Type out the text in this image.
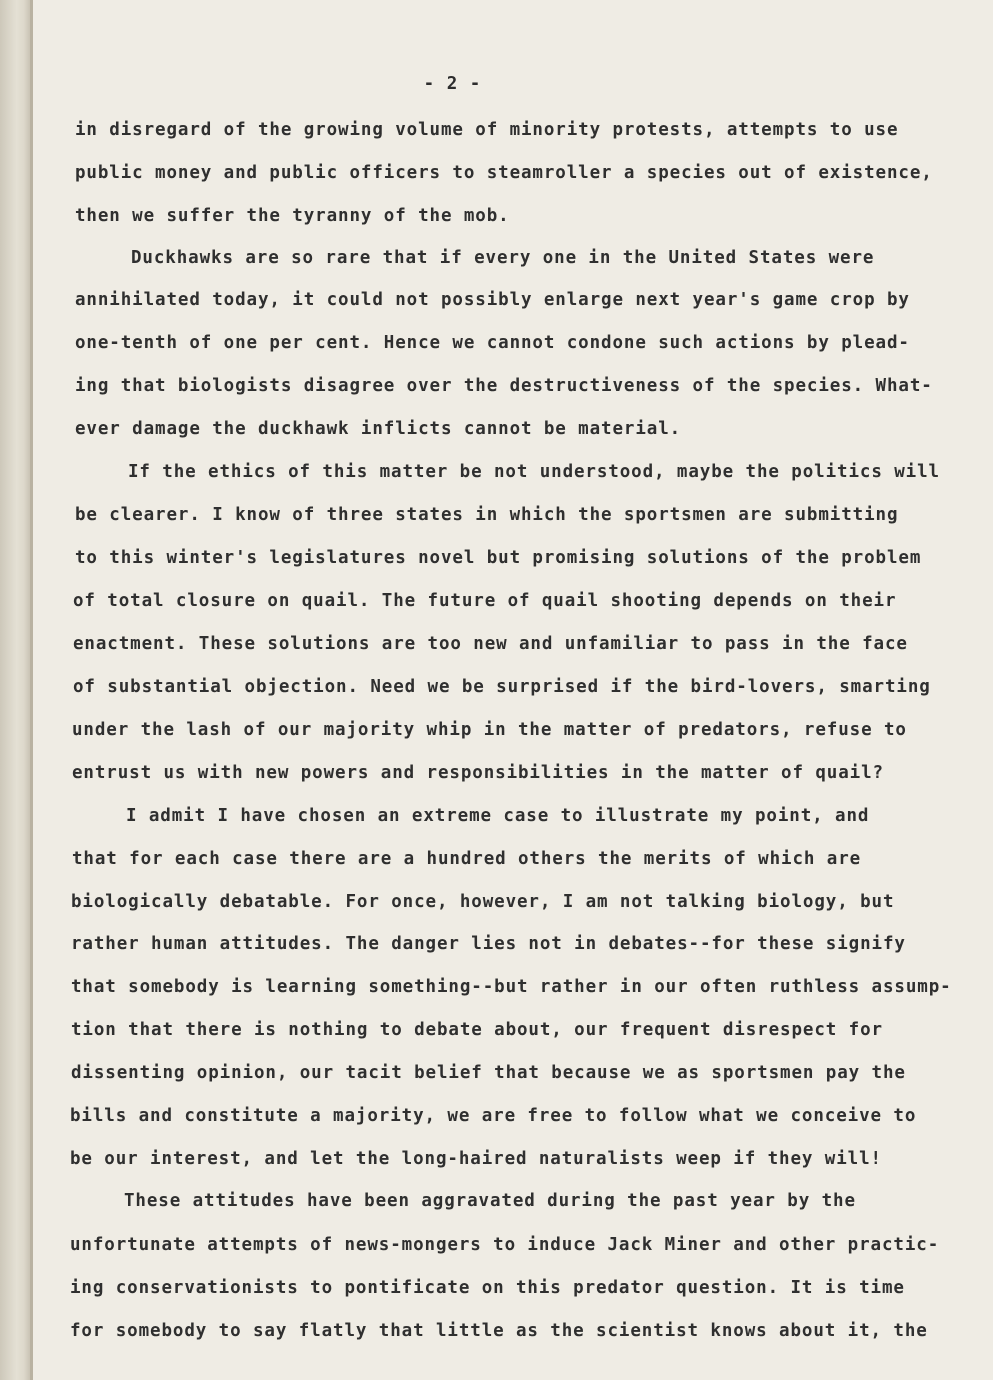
- 2 -

in disregard of the growing volume of minority protests, attempts to use

public money and public officers to steamroller a species out of existence,

then we suffer the tyranny of the mob.

Duckhawks are so rare that if every one in the United States were

annihilated today, it could not possibly enlarge next year's game crop by

one-tenth of one per cent. Hence we cannot condone such actions by plead-

ing that biologists disagree over the destructiveness of the species. What-

ever damage the duckhawk inflicts cannot be material.

If the ethics of this matter be not understood, maybe the politics will

be clearer. I know of three states in which the sportsmen are submitting

to this winter's legislatures novel but promising solutions of the problem

of total closure on quail. The future of quail shooting depends on their

enactment. These solutions are too new and unfamiliar to pass in the face

of substantial objection. Need we be surprised if the bird-lovers, smarting

under the lash of our majority whip in the matter of predators, refuse to

entrust us with new powers and responsibilities in the matter of quail?

I admit I have chosen an extreme case to illustrate my point, and

that for each case there are a hundred others the merits of which are

biologically debatable. For once, however, I am not talking biology, but

rather human attitudes. The danger lies not in debates--for these signify

that somebody is learning something--but rather in our often ruthless assump-

tion that there is nothing to debate about, our frequent disrespect for

dissenting opinion, our tacit belief that because we as sportsmen pay the

bills and constitute a majority, we are free to follow what we conceive to

be our interest, and let the long-haired naturalists weep if they will!

These attitudes have been aggravated during the past year by the

unfortunate attempts of news-mongers to induce Jack Miner and other practic-

ing conservationists to pontificate on this predator question. It is time

for somebody to say flatly that little as the scientist knows about it, the
